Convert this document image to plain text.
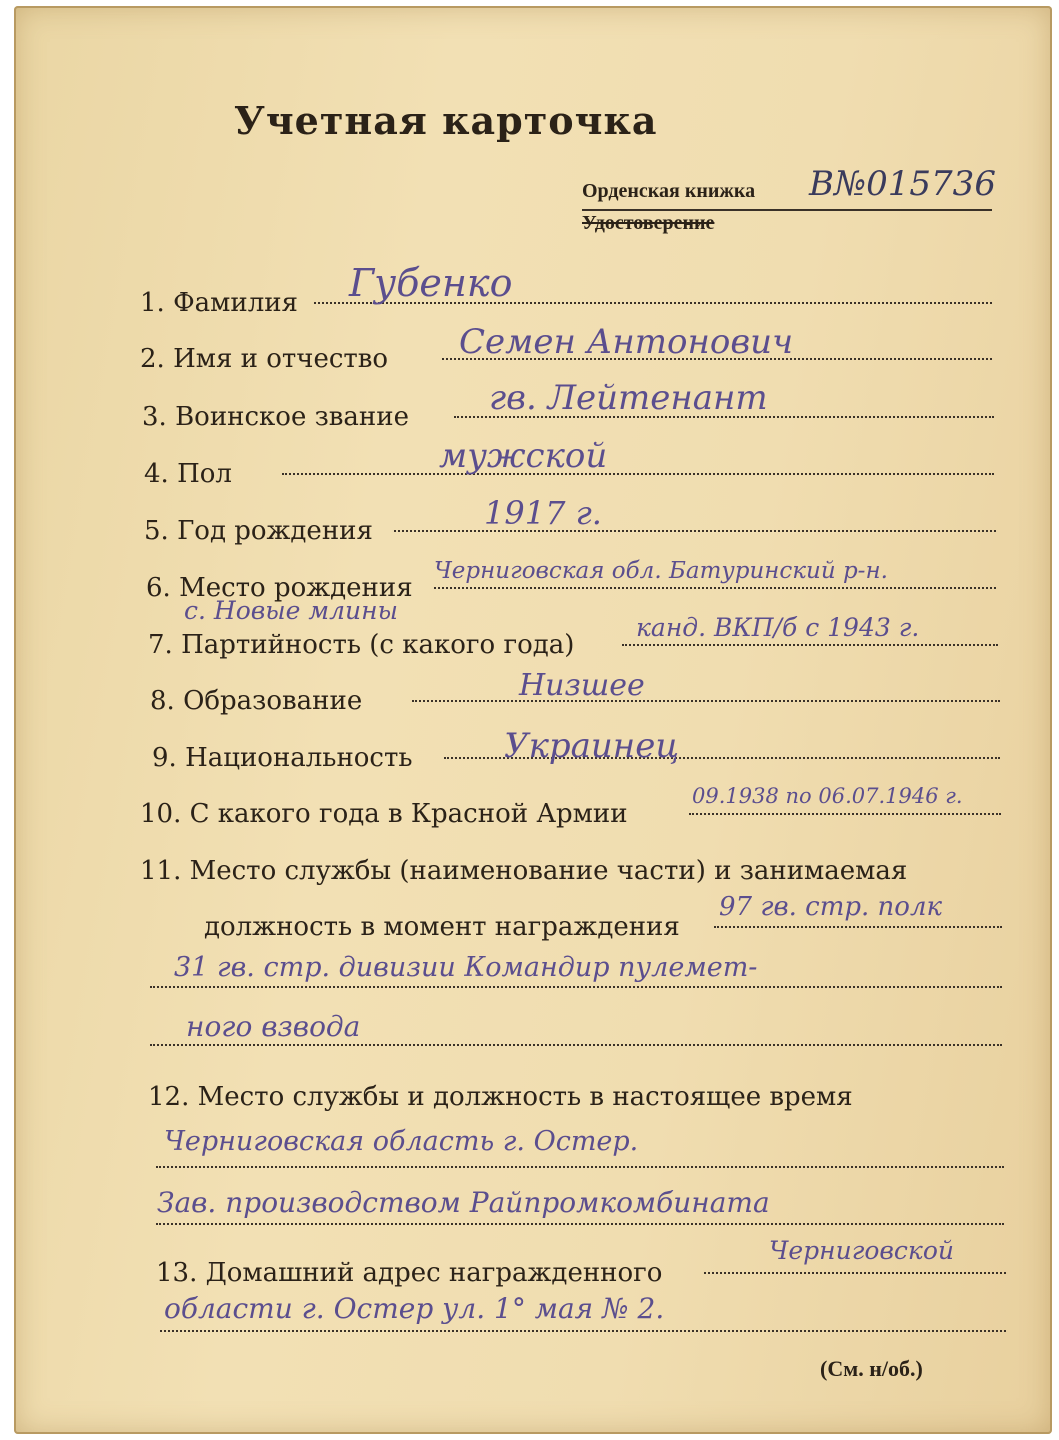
Учетная карточка
Орденская книжка В№015736
Удостоверение
1. Фамилия Губенко
2. Имя и отчество Семен Антонович
3. Воинское звание гв. Лейтенант
4. Пол	мужской
5. Год рождения	1917 г.
6. Место рождения
Черниговская обл. Батуринский р-н.
с. Новые млины
7. Партийность (с какого года)
канд. ВКП/б с 1943 г.
8. Образование	Низшее
9. Национальность	Украинец
10. С какого года в Красной Армии
09.1938 по 06.07.1946 г.
11. Место службы (наименование части) и занимаемая
должность в момент награждения
97 гв. стр. полк
31 гв. стр. дивизии Командир пулемет-
ного взвода
12. Место службы и должность в настоящее время
Черниговская область г. Остер.
Зав. производством Райпромкомбината
13. Домашний адрес награжденного
Черниговской
области г. Остер ул. 1° мая № 2.
(См. н/об.)
